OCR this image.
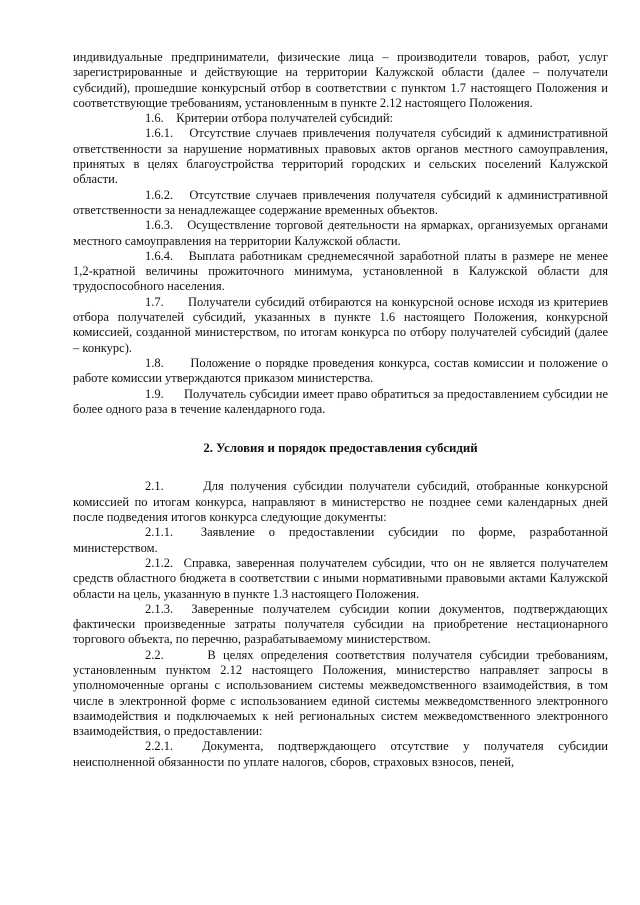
индивидуальные предприниматели, физические лица – производители товаров, работ, услуг зарегистрированные и действующие на территории Калужской области (далее – получатели субсидий), прошедшие конкурсный отбор в соответствии с пунктом 1.7 настоящего Положения и соответствующие требованиям, установленным в пункте 2.12 настоящего Положения.

1.6. Критерии отбора получателей субсидий:

1.6.1. Отсутствие случаев привлечения получателя субсидий к административной ответственности за нарушение нормативных правовых актов органов местного самоуправления, принятых в целях благоустройства территорий городских и сельских поселений Калужской области.

1.6.2. Отсутствие случаев привлечения получателя субсидий к административной ответственности за ненадлежащее содержание временных объектов.

1.6.3. Осуществление торговой деятельности на ярмарках, организуемых органами местного самоуправления на территории Калужской области.

1.6.4. Выплата работникам среднемесячной заработной платы в размере не менее 1,2-кратной величины прожиточного минимума, установленной в Калужской области для трудоспособного населения.

1.7. Получатели субсидий отбираются на конкурсной основе исходя из критериев отбора получателей субсидий, указанных в пункте 1.6 настоящего Положения, конкурсной комиссией, созданной министерством, по итогам конкурса по отбору получателей субсидий (далее – конкурс).

1.8. Положение о порядке проведения конкурса, состав комиссии и положение о работе комиссии утверждаются приказом министерства.

1.9. Получатель субсидии имеет право обратиться за предоставлением субсидии не более одного раза в течение календарного года.

2. Условия и порядок предоставления субсидий

2.1.	Для получения субсидии получатели субсидий, отобранные конкурсной комиссией по итогам конкурса, направляют в министерство не позднее семи календарных дней после подведения итогов конкурса следующие документы:

2.1.1. Заявление о предоставлении субсидии по форме, разработанной министерством.

2.1.2. Справка, заверенная получателем субсидии, что он не является получателем средств областного бюджета в соответствии с иными нормативными правовыми актами Калужской области на цель, указанную в пункте 1.3 настоящего Положения.

2.1.3. Заверенные получателем субсидии копии документов, подтверждающих фактически произведенные затраты получателя субсидии на приобретение нестационарного торгового объекта, по перечню, разрабатываемому министерством.

2.2.	В целях определения соответствия получателя субсидии требованиям, установленным пунктом 2.12 настоящего Положения, министерство направляет запросы в уполномоченные органы с использованием системы межведомственного взаимодействия, в том числе в электронной форме с использованием единой системы межведомственного электронного взаимодействия и подключаемых к ней региональных систем межведомственного электронного взаимодействия, о предоставлении:

2.2.1. Документа, подтверждающего отсутствие у получателя субсидии неисполненной обязанности по уплате налогов, сборов, страховых взносов, пеней,
